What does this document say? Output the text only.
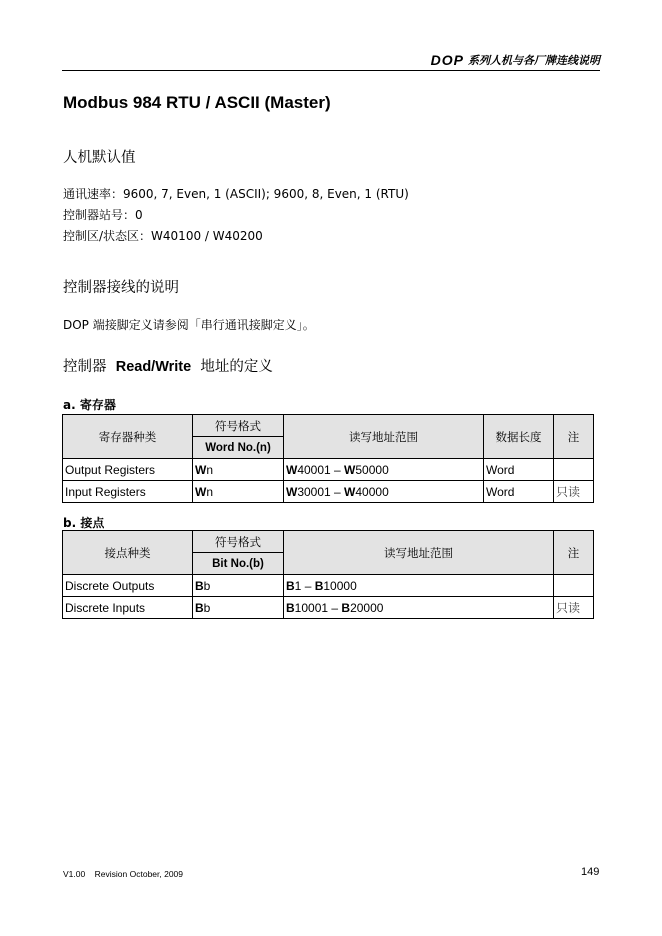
DOP 系列人机与各厂牌连线说明
Modbus 984 RTU / ASCII (Master)
人机默认值
通讯速率：9600, 7, Even, 1 (ASCII); 9600, 8, Even, 1 (RTU)
控制器站号：0
控制区/状态区：W40100 / W40200
控制器接线的说明
DOP 端接脚定义请参阅「串行通讯接脚定义」。
控制器  Read/Write  地址的定义
a. 寄存器
寄存器种类	符号格式	读写地址范围	数据长度	注
	Word No.(n)			
Output Registers	Wn	W40001 – W50000	Word	
Input Registers	Wn	W30001 – W40000	Word	只读
b. 接点
接点种类	符号格式	读写地址范围	注
	Bit No.(b)		
Discrete Outputs	Bb	B1 – B10000	
Discrete Inputs	Bb	B10001 – B20000	只读
V1.00    Revision October, 2009	149
